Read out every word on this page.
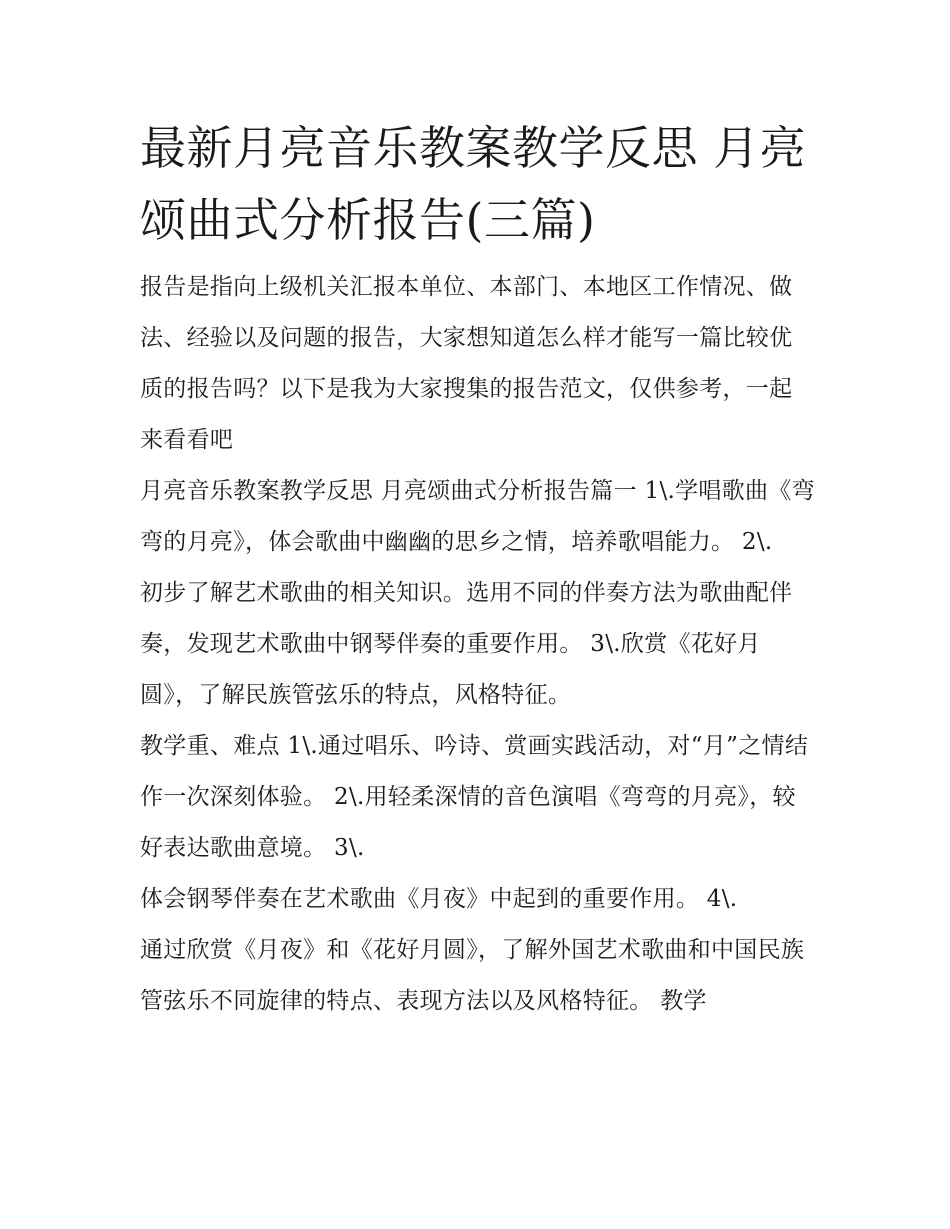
最新月亮音乐教案教学反思 月亮颂曲式分析报告(三篇)

报告是指向上级机关汇报本单位、本部门、本地区工作情况、做法、经验以及问题的报告，大家想知道怎么样才能写一篇比较优质的报告吗？以下是我为大家搜集的报告范文，仅供参考，一起来看看吧

月亮音乐教案教学反思 月亮颂曲式分析报告篇一 1\.学唱歌曲《弯弯的月亮》，体会歌曲中幽幽的思乡之情，培养歌唱能力。 2\.

初步了解艺术歌曲的相关知识。选用不同的伴奏方法为歌曲配伴奏，发现艺术歌曲中钢琴伴奏的重要作用。 3\.欣赏《花好月圆》，了解民族管弦乐的特点，风格特征。

教学重、难点 1\.通过唱乐、吟诗、赏画实践活动，对“月”之情结作一次深刻体验。 2\.用轻柔深情的音色演唱《弯弯的月亮》，较好表达歌曲意境。 3\.

体会钢琴伴奏在艺术歌曲《月夜》中起到的重要作用。 4\.

通过欣赏《月夜》和《花好月圆》，了解外国艺术歌曲和中国民族管弦乐不同旋律的特点、表现方法以及风格特征。 教学
